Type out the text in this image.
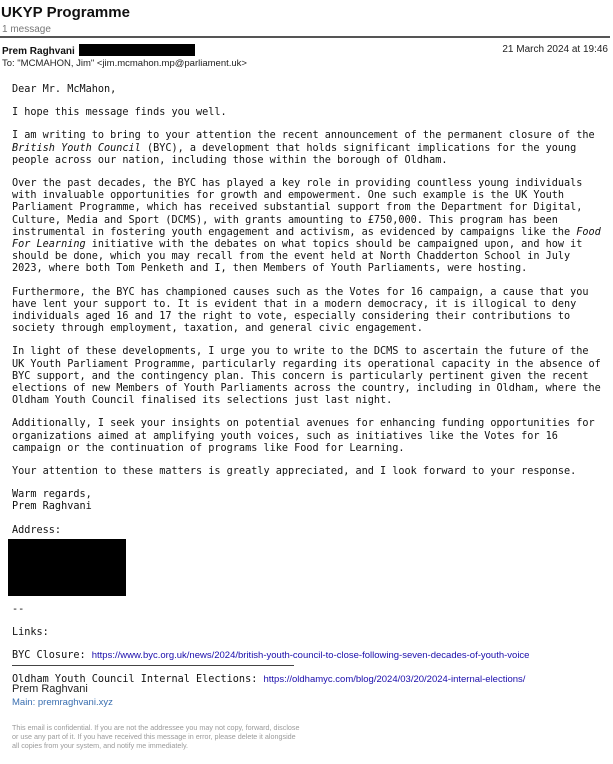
UKYP Programme
1 message
Prem Raghvani	21 March 2024 at 19:46
To: "MCMAHON, Jim" <jim.mcmahon.mp@parliament.uk>

Dear Mr. McMahon,

I hope this message finds you well.

I am writing to bring to your attention the recent announcement of the permanent closure of the British Youth Council (BYC), a development that holds significant implications for the young people across our nation, including those within the borough of Oldham.

Over the past decades, the BYC has played a key role in providing countless young individuals with invaluable opportunities for growth and empowerment. One such example is the UK Youth Parliament Programme, which has received substantial support from the Department for Digital, Culture, Media and Sport (DCMS), with grants amounting to £750,000. This program has been instrumental in fostering youth engagement and activism, as evidenced by campaigns like the Food For Learning initiative with the debates on what topics should be campaigned upon, and how it should be done, which you may recall from the event held at North Chadderton School in July 2023, where both Tom Penketh and I, then Members of Youth Parliaments, were hosting.

Furthermore, the BYC has championed causes such as the Votes for 16 campaign, a cause that you have lent your support to. It is evident that in a modern democracy, it is illogical to deny individuals aged 16 and 17 the right to vote, especially considering their contributions to society through employment, taxation, and general civic engagement.

In light of these developments, I urge you to write to the DCMS to ascertain the future of the UK Youth Parliament Programme, particularly regarding its operational capacity in the absence of BYC support, and the contingency plan. This concern is particularly pertinent given the recent elections of new Members of Youth Parliaments across the country, including in Oldham, where the Oldham Youth Council finalised its selections just last night.

Additionally, I seek your insights on potential avenues for enhancing funding opportunities for organizations aimed at amplifying youth voices, such as initiatives like the Votes for 16 campaign or the continuation of programs like Food for Learning.

Your attention to these matters is greatly appreciated, and I look forward to your response.

Warm regards,

Prem Raghvani

Address:

--

Links:

BYC Closure: https://www.byc.org.uk/news/2024/british-youth-council-to-close-following-seven-decades-of-youth-voice

Oldham Youth Council Internal Elections: https://oldhamyc.com/blog/2024/03/20/2024-internal-elections/

Prem Raghvani
Main: premraghvani.xyz
This email is confidential. If you are not the addressee you may not copy, forward, disclose or use any part of it. If you have received this message in error, please delete it alongside all copies from your system, and notify me immediately.
